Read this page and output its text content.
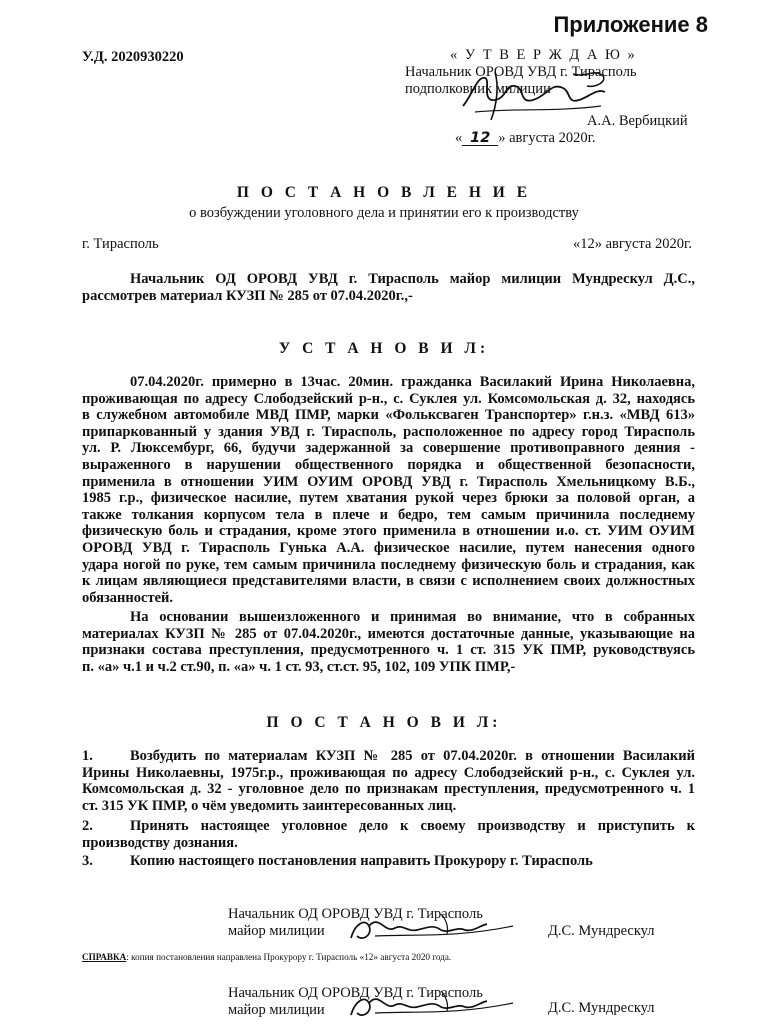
Приложение 8
У.Д. 2020930220	« У Т В Е Р Ж Д А Ю »
Начальник ОРОВД УВД г. Тирасполь
подполковник милиции
А.А. Вербицкий
« 12 » августа 2020г.
П О С Т А Н О В Л Е Н И Е
о возбуждении уголовного дела и принятии его к производству
г. Тирасполь	«12» августа 2020г.
Начальник ОД ОРОВД УВД г. Тирасполь майор милиции Мундрескул Д.С.,
рассмотрев материал КУЗП № 285 от 07.04.2020г.,-
У С Т А Н О В И Л:
07.04.2020г. примерно в 13час. 20мин. гражданка Василакий Ирина Николаевна,
проживающая по адресу Слободзейский р-н., с. Суклея ул. Комсомольская д. 32, находясь
в служебном автомобиле МВД ПМР, марки «Фольксваген Транспортер» г.н.з. «МВД 613»
припаркованный у здания УВД г. Тирасполь, расположенное по адресу город Тирасполь
ул. Р. Люксембург, 66, будучи задержанной за совершение противоправного деяния -
выраженного в нарушении общественного порядка и общественной безопасности,
применила в отношении УИМ ОУИМ ОРОВД УВД г. Тирасполь Хмельницкому В.Б.,
1985 г.р., физическое насилие, путем хватания рукой через брюки за половой орган, а
также толкания корпусом тела в плече и бедро, тем самым причинила последнему
физическую боль и страдания, кроме этого применила в отношении и.о. ст. УИМ ОУИМ
ОРОВД УВД г. Тирасполь Гунька А.А. физическое насилие, путем нанесения одного
удара ногой по руке, тем самым причинила последнему физическую боль и страдания, как
к лицам являющиеся представителями власти, в связи с исполнением своих должностных
обязанностей.
На основании вышеизложенного и принимая во внимание, что в собранных
материалах КУЗП № 285 от 07.04.2020г., имеются достаточные данные, указывающие на
признаки состава преступления, предусмотренного ч. 1 ст. 315 УК ПМР, руководствуясь
п. «а» ч.1 и ч.2 ст.90, п. «а» ч. 1 ст. 93, ст.ст. 95, 102, 109 УПК ПМР,-
П О С Т А Н О В И Л:
1.	Возбудить по материалам КУЗП № 285 от 07.04.2020г. в отношении Василакий
Ирины Николаевны, 1975г.р., проживающая по адресу Слободзейский р-н., с. Суклея ул.
Комсомольская д. 32 - уголовное дело по признакам преступления, предусмотренного ч. 1
ст. 315 УК ПМР, о чём уведомить заинтересованных лиц.
2.	Принять настоящее уголовное дело к своему производству и приступить к
производству дознания.
3.	Копию настоящего постановления направить Прокурору г. Тирасполь
Начальник ОД ОРОВД УВД г. Тирасполь
майор милиции	Д.С. Мундрескул
СПРАВКА: копия постановления направлена Прокурору г. Тирасполь «12» августа 2020 года.
Начальник ОД ОРОВД УВД г. Тирасполь
майор милиции	Д.С. Мундрескул
